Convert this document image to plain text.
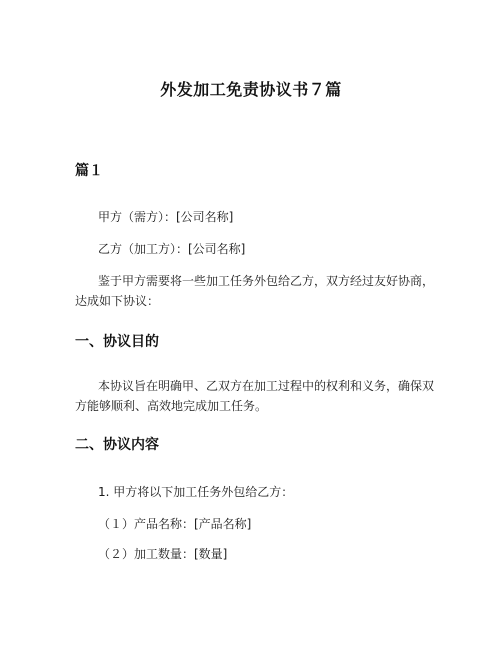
外发加工免责协议书７篇
篇１
甲方（需方）：[公司名称]
乙方（加工方）：[公司名称]
鉴于甲方需要将一些加工任务外包给乙方，双方经过友好协商，达成如下协议：
一、协议目的
本协议旨在明确甲、乙双方在加工过程中的权利和义务，确保双方能够顺利、高效地完成加工任务。
二、协议内容
1. 甲方将以下加工任务外包给乙方：
（１）产品名称：[产品名称]
（２）加工数量：[数量]
